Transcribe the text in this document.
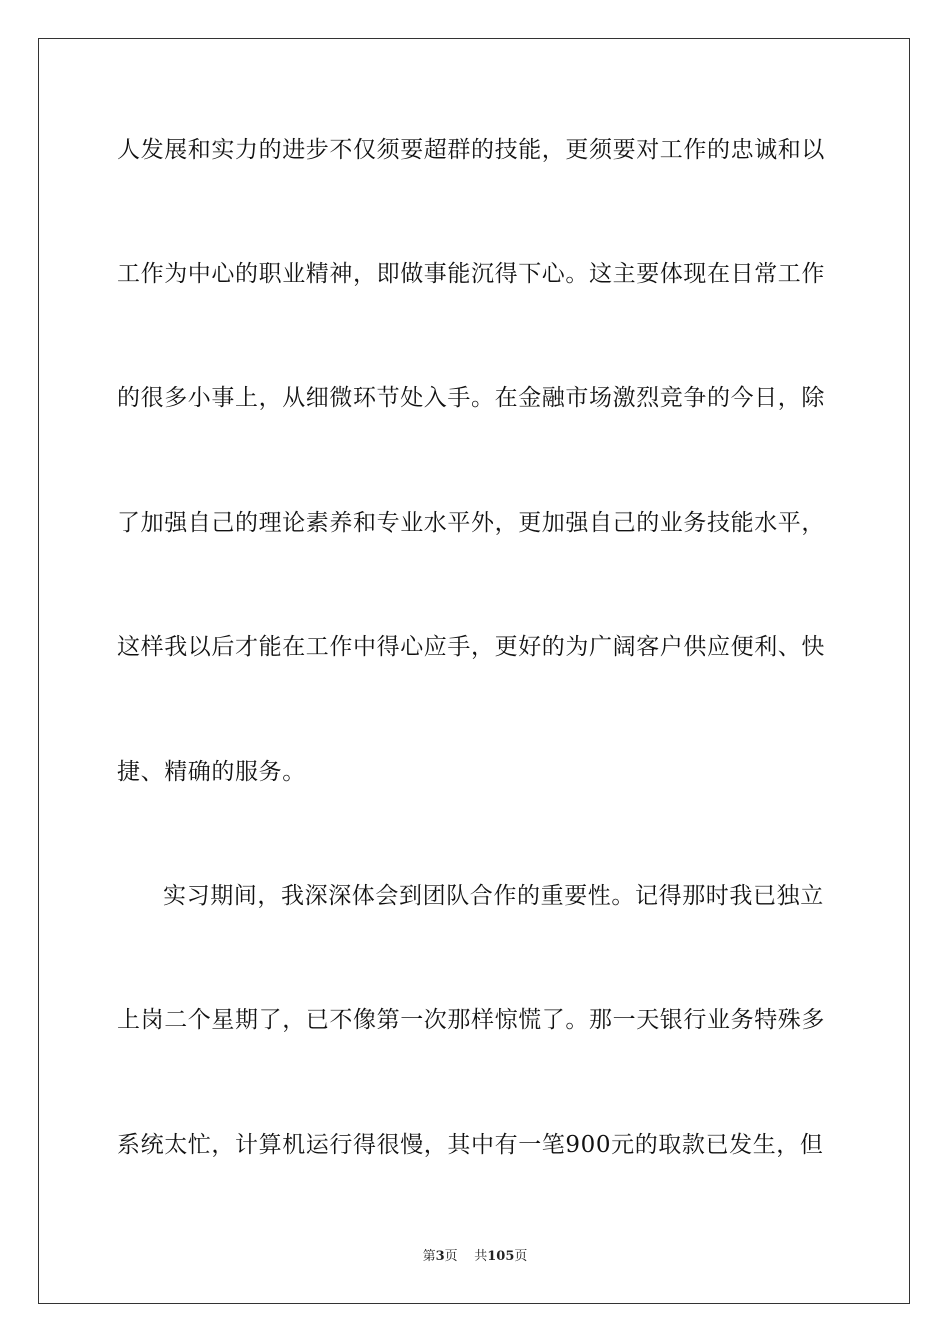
人发展和实力的进步不仅须要超群的技能，更须要对工作的忠诚和以
工作为中心的职业精神，即做事能沉得下心。这主要体现在日常工作
的很多小事上，从细微环节处入手。在金融市场激烈竞争的今日，除
了加强自己的理论素养和专业水平外，更加强自己的业务技能水平，
这样我以后才能在工作中得心应手，更好的为广阔客户供应便利、快
捷、精确的服务。
实习期间，我深深体会到团队合作的重要性。记得那时我已独立
上岗二个星期了，已不像第一次那样惊慌了。那一天银行业务特殊多
系统太忙，计算机运行得很慢，其中有一笔900元的取款已发生，但
第3页 共105页
